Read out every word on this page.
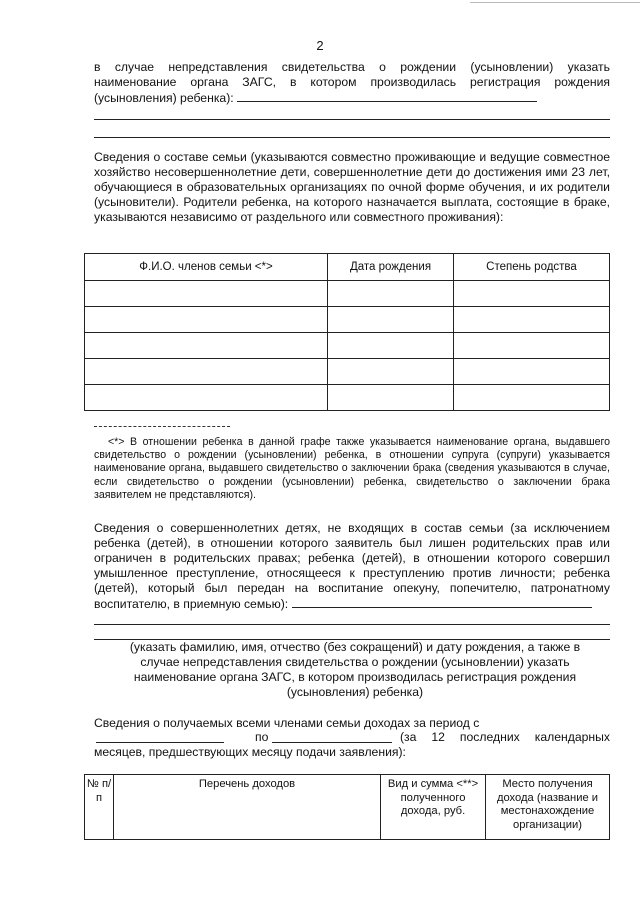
2

в случае непредставления свидетельства о рождении (усыновлении) указать наименование органа ЗАГС, в котором производилась регистрация рождения (усыновления) ребенка):

Сведения о составе семьи (указываются совместно проживающие и ведущие совместное хозяйство несовершеннолетние дети, совершеннолетние дети до достижения ими 23 лет, обучающиеся в образовательных организациях по очной форме обучения, и их родители (усыновители). Родители ребенка, на которого назначается выплата, состоящие в браке, указываются независимо от раздельного или совместного проживания):

Ф.И.О. членов семьи <*>	Дата рождения	Степень родства

<*> В отношении ребенка в данной графе также указывается наименование органа, выдавшего свидетельство о рождении (усыновлении) ребенка, в отношении супруга (супруги) указывается наименование органа, выдавшего свидетельство о заключении брака (сведения указываются в случае, если свидетельство о рождении (усыновлении) ребенка, свидетельство о заключении брака заявителем не представляются).

Сведения о совершеннолетних детях, не входящих в состав семьи (за исключением ребенка (детей), в отношении которого заявитель был лишен родительских прав или ограничен в родительских правах; ребенка (детей), в отношении которого совершил умышленное преступление, относящееся к преступлению против личности; ребенка (детей), который был передан на воспитание опекуну, попечителю, патронатному воспитателю, в приемную семью):

(указать фамилию, имя, отчество (без сокращений) и дату рождения, а также в случае непредставления свидетельства о рождении (усыновлении) указать наименование органа ЗАГС, в котором производилась регистрация рождения (усыновления) ребенка)

Сведения о получаемых всеми членами семьи доходах за период с
по	(за 12 последних календарных месяцев, предшествующих месяцу подачи заявления):

№ п/п	Перечень доходов	Вид и сумма <**> полученного дохода, руб.	Место получения дохода (название и местонахождение организации)
